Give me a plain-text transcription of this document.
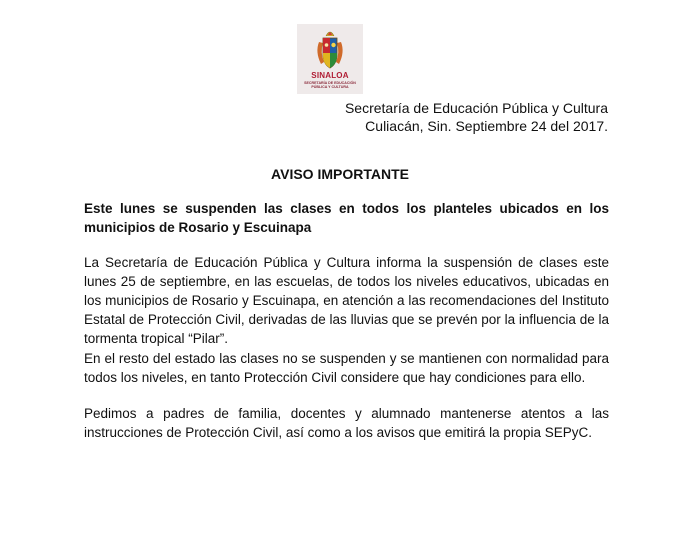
SINALOA
SECRETARÍA DE EDUCACIÓN
PÚBLICA Y CULTURA
Secretaría de Educación Pública y Cultura
Culiacán, Sin. Septiembre 24 del 2017.
AVISO IMPORTANTE

Este lunes se suspenden las clases en todos los planteles ubicados en los municipios de Rosario y Escuinapa

La Secretaría de Educación Pública y Cultura informa la suspensión de clases este lunes 25 de septiembre, en las escuelas, de todos los niveles educativos, ubicadas en los municipios de Rosario y Escuinapa, en atención a las recomendaciones del Instituto Estatal de Protección Civil, derivadas de las lluvias que se prevén por la influencia de la tormenta tropical “Pilar”.

En el resto del estado las clases no se suspenden y se mantienen con normalidad para todos los niveles, en tanto Protección Civil considere que hay condiciones para ello.

Pedimos a padres de familia, docentes y alumnado mantenerse atentos a las instrucciones de Protección Civil, así como a los avisos que emitirá la propia SEPyC.
